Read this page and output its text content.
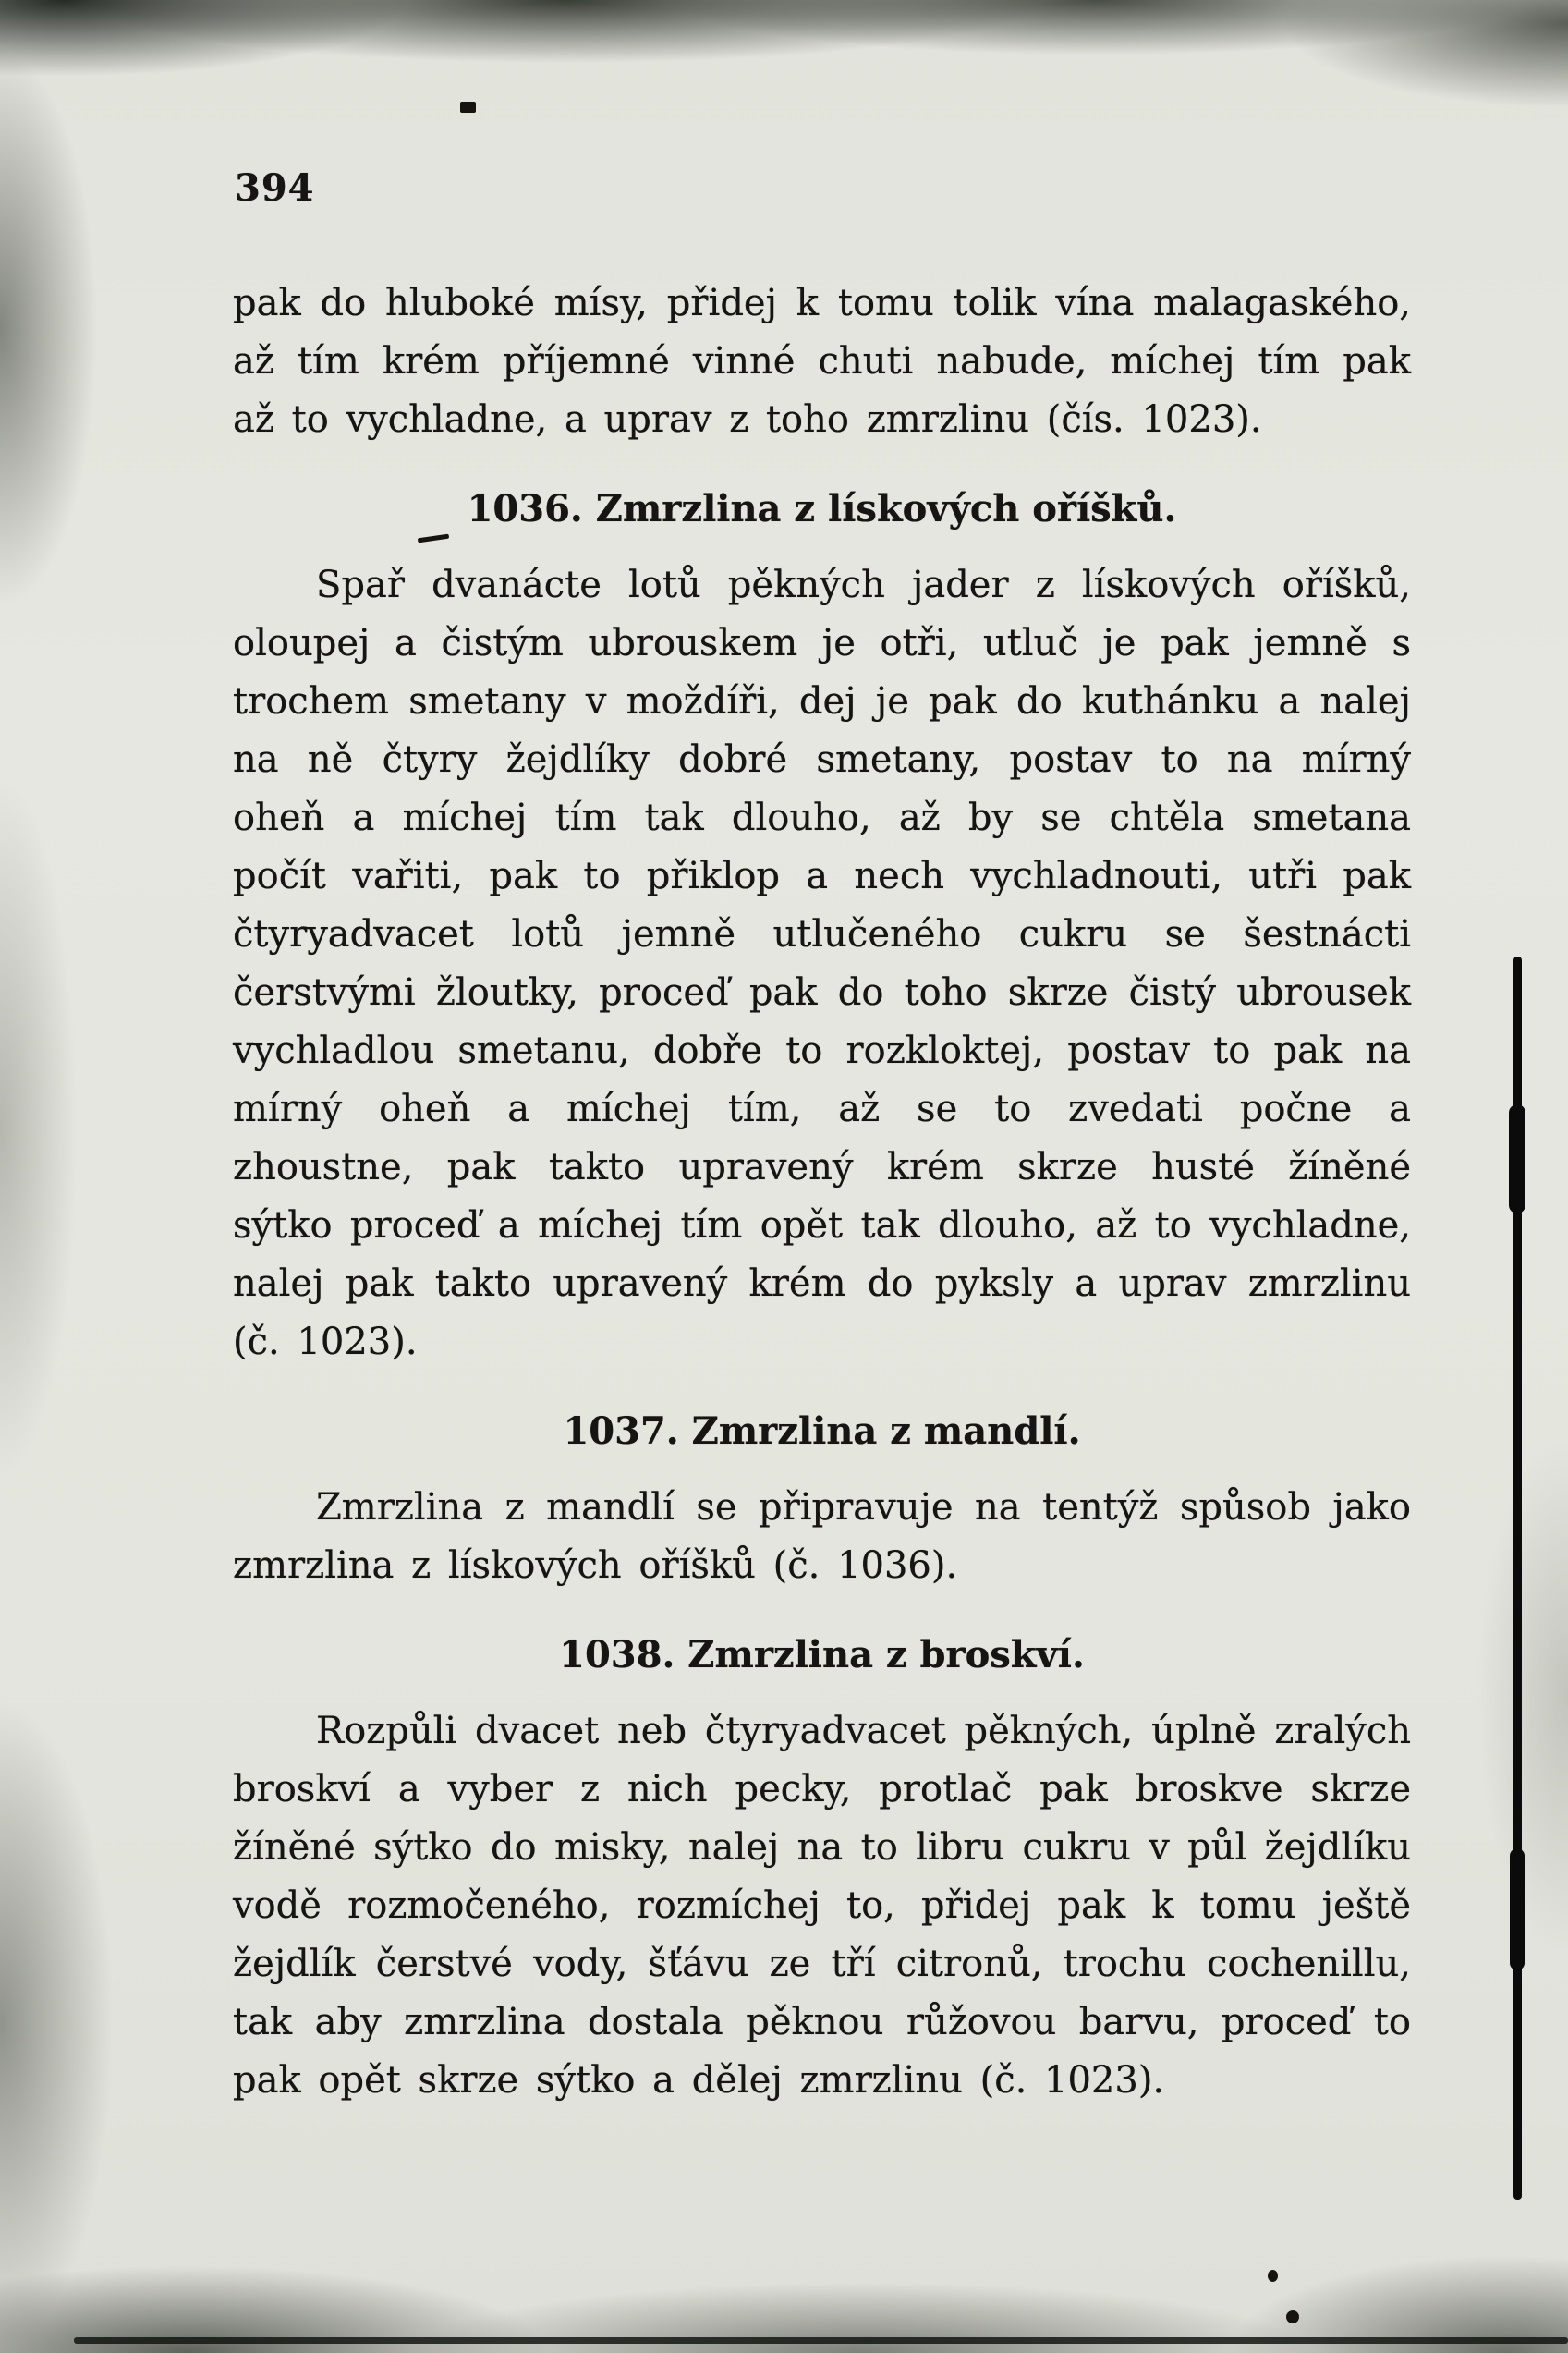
394

pak do hluboké mísy, přidej k tomu tolik vína malagaského, až tím krém příjemné vinné chuti nabude, míchej tím pak až to vychladne, a uprav z toho zmrzlinu (čís. 1023).

1036. Zmrzlina z lískových oříšků.

Spař dvanácte lotů pěkných jader z lískových oříšků, oloupej a čistým ubrouskem je otři, utluč je pak jemně s trochem smetany v moždíři, dej je pak do kuthánku a nalej na ně čtyry žejdlíky dobré smetany, postav to na mírný oheň a míchej tím tak dlouho, až by se chtěla smetana počít vařiti, pak to přiklop a nech vychladnouti, utři pak čtyryadvacet lotů jemně utlučeného cukru se šestnácti čerstvými žloutky, proceď pak do toho skrze čistý ubrousek vychladlou smetanu, dobře to rozkloktej, postav to pak na mírný oheň a míchej tím, až se to zvedati počne a zhoustne, pak takto upravený krém skrze husté žíněné sýtko proceď a míchej tím opět tak dlouho, až to vychladne, nalej pak takto upravený krém do pyksly a uprav zmrzlinu (č. 1023).

1037. Zmrzlina z mandlí.

Zmrzlina z mandlí se připravuje na tentýž spůsob jako zmrzlina z lískových oříšků (č. 1036).

1038. Zmrzlina z broskví.

Rozpůli dvacet neb čtyryadvacet pěkných, úplně zralých broskví a vyber z nich pecky, protlač pak broskve skrze žíněné sýtko do misky, nalej na to libru cukru v půl žejdlíku vodě rozmočeného, rozmíchej to, přidej pak k tomu ještě žejdlík čerstvé vody, šťávu ze tří citronů, trochu cochenillu, tak aby zmrzlina dostala pěknou růžovou barvu, proceď to pak opět skrze sýtko a dělej zmrzlinu (č. 1023).
